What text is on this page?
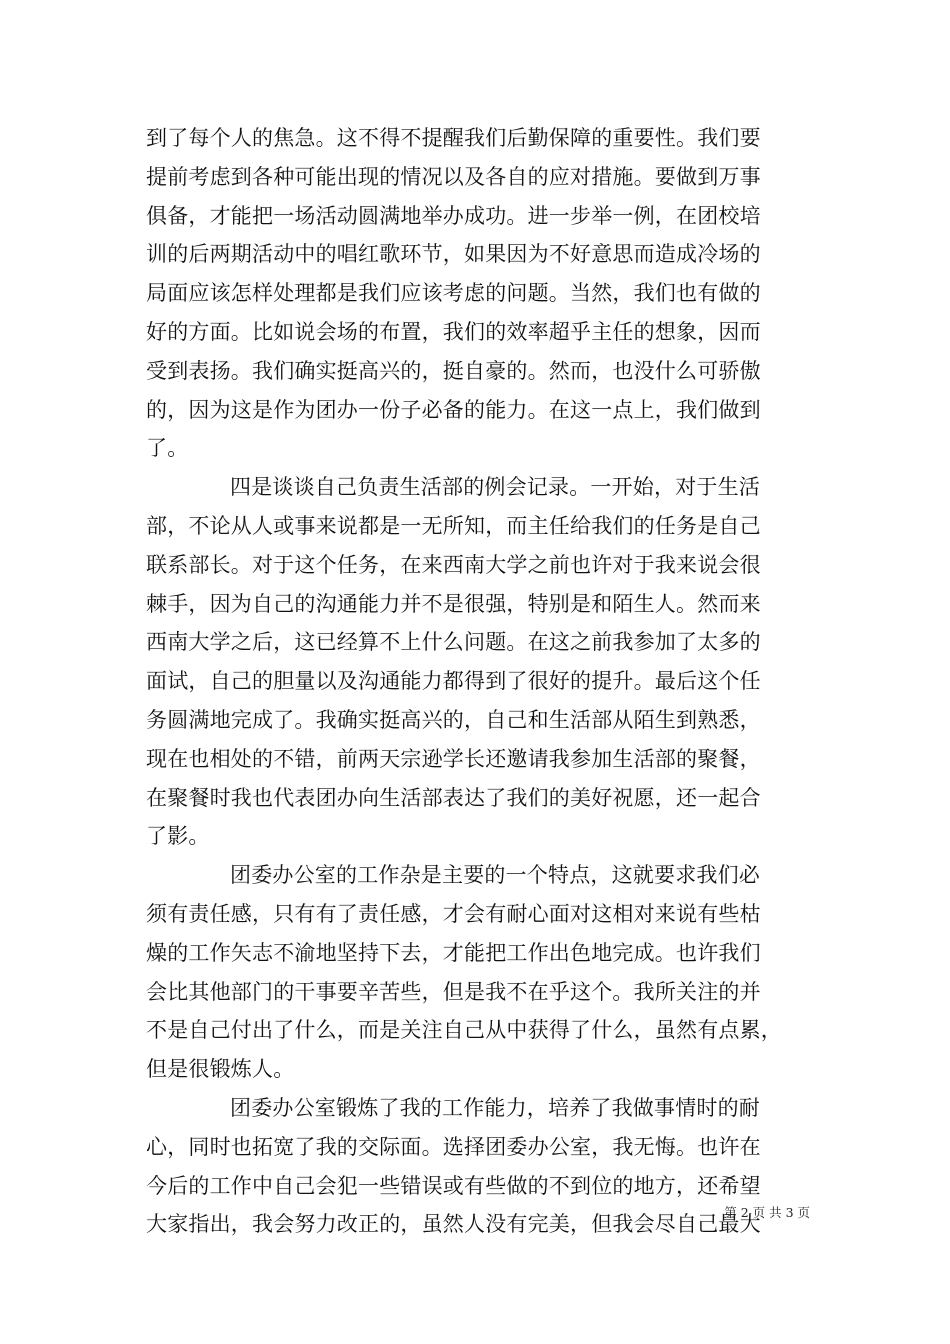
到了每个人的焦急。这不得不提醒我们后勤保障的重要性。我们要
提前考虑到各种可能出现的情况以及各自的应对措施。要做到万事
俱备，才能把一场活动圆满地举办成功。进一步举一例，在团校培
训的后两期活动中的唱红歌环节，如果因为不好意思而造成冷场的
局面应该怎样处理都是我们应该考虑的问题。当然，我们也有做的
好的方面。比如说会场的布置，我们的效率超乎主任的想象，因而
受到表扬。我们确实挺高兴的，挺自豪的。然而，也没什么可骄傲
的，因为这是作为团办一份子必备的能力。在这一点上，我们做到
了。
四是谈谈自己负责生活部的例会记录。一开始，对于生活
部，不论从人或事来说都是一无所知，而主任给我们的任务是自己
联系部长。对于这个任务，在来西南大学之前也许对于我来说会很
棘手，因为自己的沟通能力并不是很强，特别是和陌生人。然而来
西南大学之后，这已经算不上什么问题。在这之前我参加了太多的
面试，自己的胆量以及沟通能力都得到了很好的提升。最后这个任
务圆满地完成了。我确实挺高兴的，自己和生活部从陌生到熟悉，
现在也相处的不错，前两天宗逊学长还邀请我参加生活部的聚餐，
在聚餐时我也代表团办向生活部表达了我们的美好祝愿，还一起合
了影。
团委办公室的工作杂是主要的一个特点，这就要求我们必
须有责任感，只有有了责任感，才会有耐心面对这相对来说有些枯
燥的工作矢志不渝地坚持下去，才能把工作出色地完成。也许我们
会比其他部门的干事要辛苦些，但是我不在乎这个。我所关注的并
不是自己付出了什么，而是关注自己从中获得了什么，虽然有点累，
但是很锻炼人。
团委办公室锻炼了我的工作能力，培养了我做事情时的耐
心，同时也拓宽了我的交际面。选择团委办公室，我无悔。也许在
今后的工作中自己会犯一些错误或有些做的不到位的地方，还希望
大家指出，我会努力改正的，虽然人没有完美，但我会尽自己最大
第 2 页 共 3 页
